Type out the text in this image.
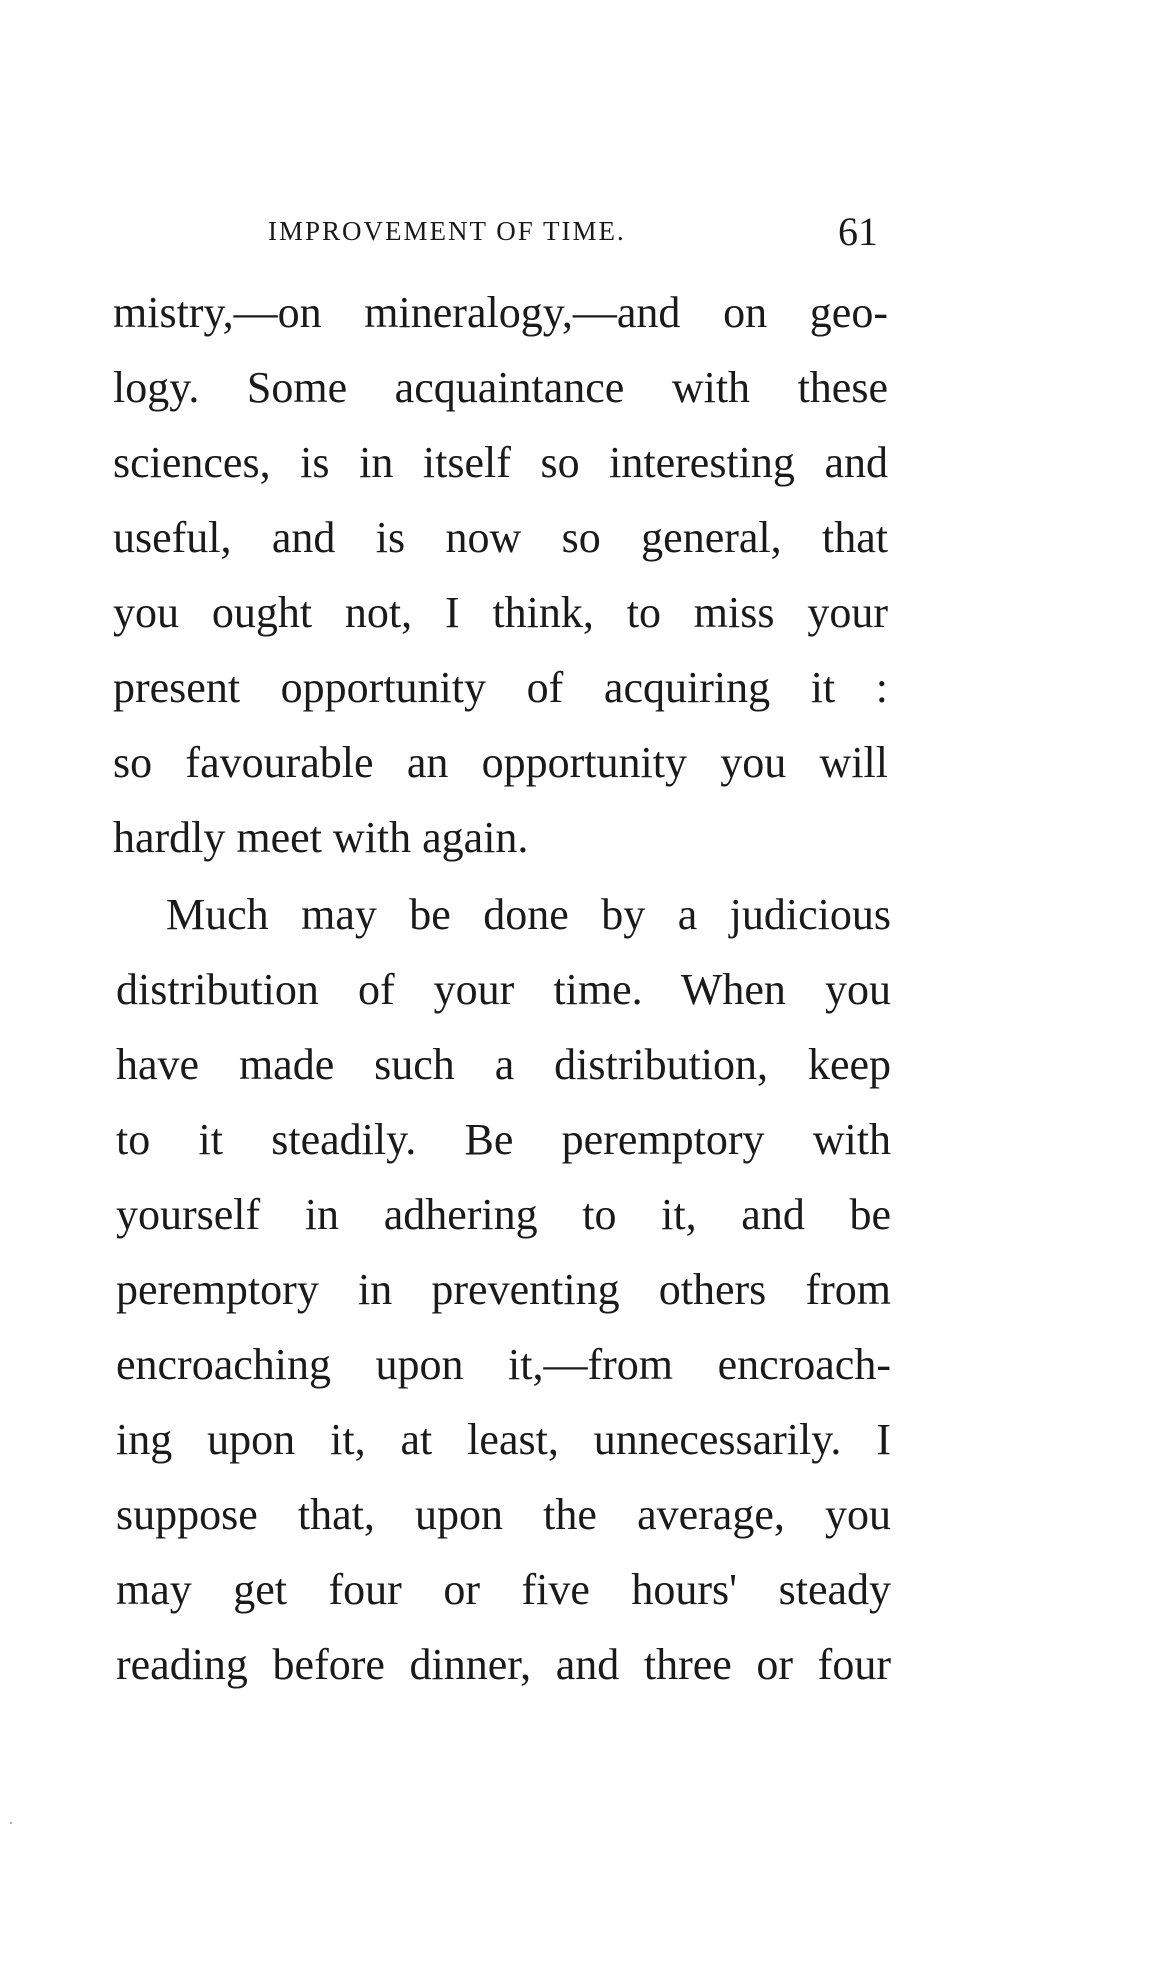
IMPROVEMENT OF TIME.	61
mistry,—on mineralogy,—and on geo-
logy. Some acquaintance with these
sciences, is in itself so interesting and
useful, and is now so general, that
you ought not, I think, to miss your
present opportunity of acquiring it :
so favourable an opportunity you will
hardly meet with again.
Much may be done by a judicious
distribution of your time. When you
have made such a distribution, keep
to it steadily. Be peremptory with
yourself in adhering to it, and be
peremptory in preventing others from
encroaching upon it,—from encroach-
ing upon it, at least, unnecessarily. I
suppose that, upon the average, you
may get four or five hours' steady
reading before dinner, and three or four
